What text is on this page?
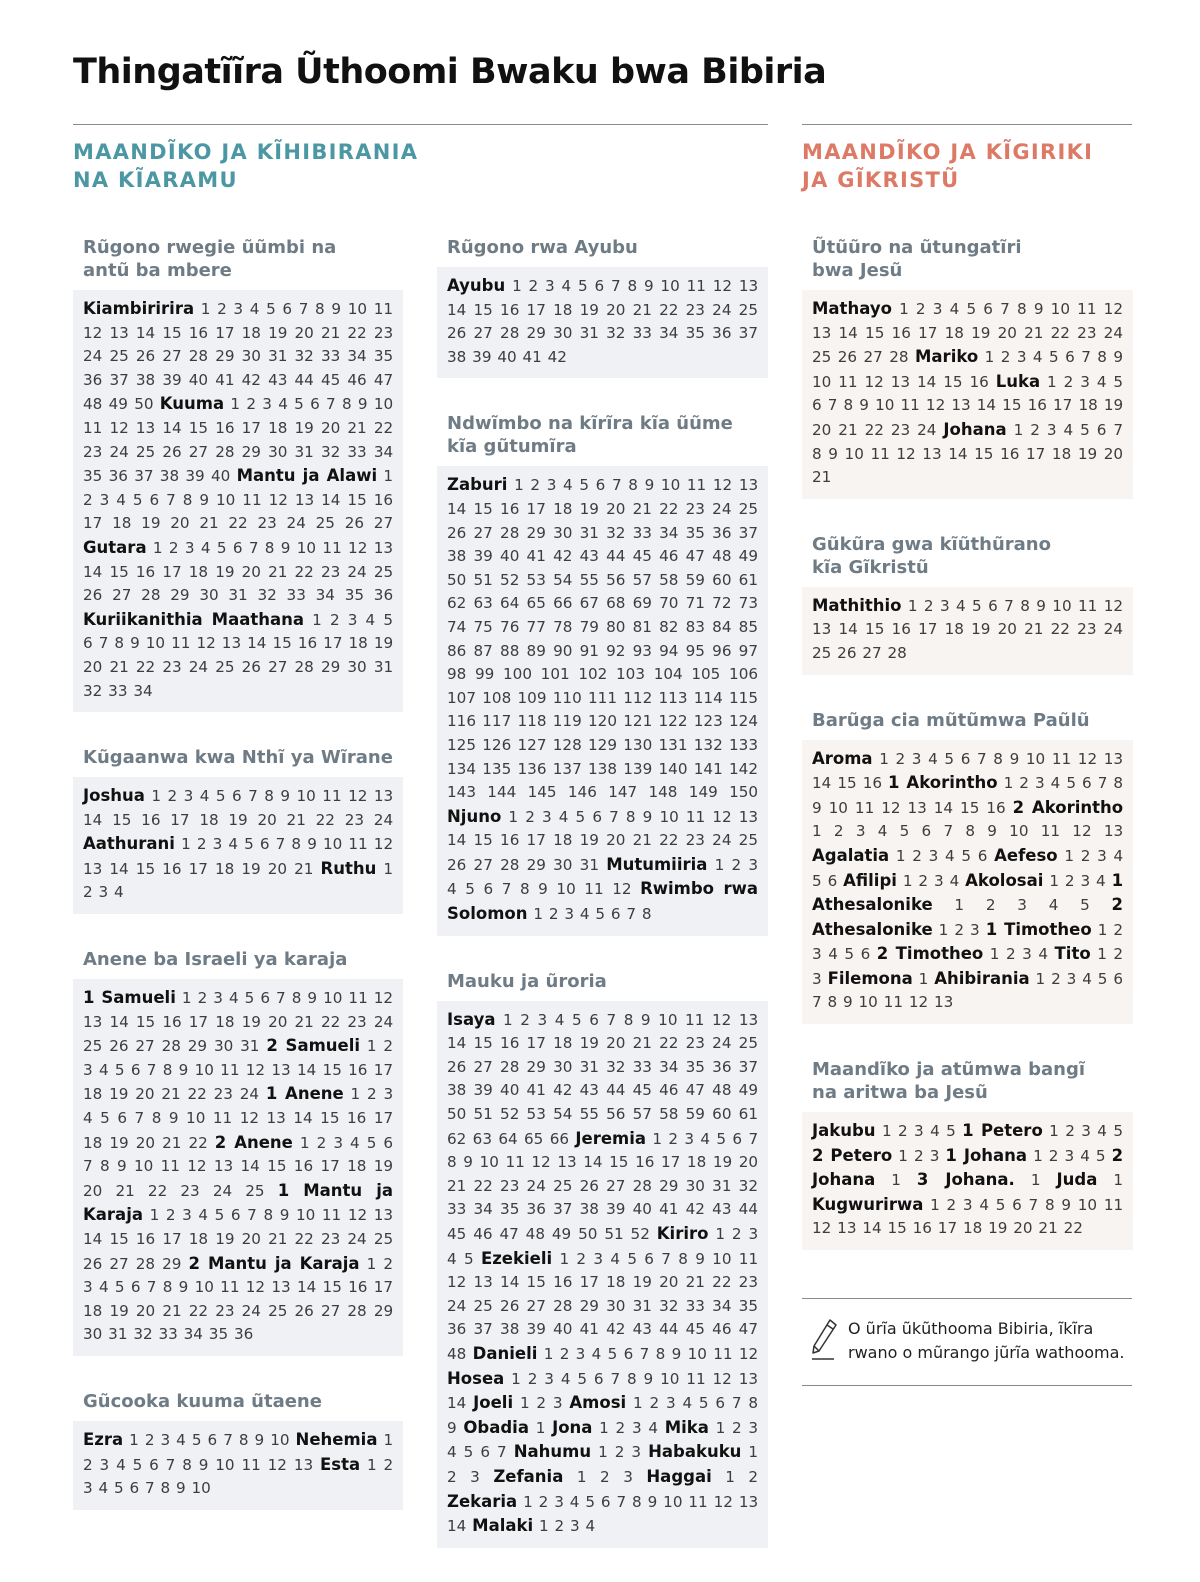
Thingatĩĩra Ũthoomi Bwaku bwa Bibiria
MAANDĨKO JA KĨHIBIRANIA
NA KĨARAMU
MAANDĨKO JA KĨGIRIKI
JA GĨKRISTŨ
Rũgono rwegie ũũmbi na
antũ ba mbere
Kiambiririra 1 2 3 4 5 6 7 8 9 10 11 12 13 14 15 16 17 18 19 20 21 22 23 24 25 26 27 28 29 30 31 32 33 34 35 36 37 38 39 40 41 42 43 44 45 46 47 48 49 50 Kuuma 1 2 3 4 5 6 7 8 9 10 11 12 13 14 15 16 17 18 19 20 21 22 23 24 25 26 27 28 29 30 31 32 33 34 35 36 37 38 39 40 Mantu ja Alawi 1 2 3 4 5 6 7 8 9 10 11 12 13 14 15 16 17 18 19 20 21 22 23 24 25 26 27 Gutara 1 2 3 4 5 6 7 8 9 10 11 12 13 14 15 16 17 18 19 20 21 22 23 24 25 26 27 28 29 30 31 32 33 34 35 36 Kuriikanithia Maathana 1 2 3 4 5 6 7 8 9 10 11 12 13 14 15 16 17 18 19 20 21 22 23 24 25 26 27 28 29 30 31 32 33 34
Kũgaanwa kwa Nthĩ ya Wĩrane
Joshua 1 2 3 4 5 6 7 8 9 10 11 12 13 14 15 16 17 18 19 20 21 22 23 24 Aathurani 1 2 3 4 5 6 7 8 9 10 11 12 13 14 15 16 17 18 19 20 21 Ruthu 1 2 3 4
Anene ba Israeli ya karaja
1 Samueli 1 2 3 4 5 6 7 8 9 10 11 12 13 14 15 16 17 18 19 20 21 22 23 24 25 26 27 28 29 30 31 2 Samueli 1 2 3 4 5 6 7 8 9 10 11 12 13 14 15 16 17 18 19 20 21 22 23 24 1 Anene 1 2 3 4 5 6 7 8 9 10 11 12 13 14 15 16 17 18 19 20 21 22 2 Anene 1 2 3 4 5 6 7 8 9 10 11 12 13 14 15 16 17 18 19 20 21 22 23 24 25 1 Mantu ja Karaja 1 2 3 4 5 6 7 8 9 10 11 12 13 14 15 16 17 18 19 20 21 22 23 24 25 26 27 28 29 2 Mantu ja Karaja 1 2 3 4 5 6 7 8 9 10 11 12 13 14 15 16 17 18 19 20 21 22 23 24 25 26 27 28 29 30 31 32 33 34 35 36
Gũcooka kuuma ũtaene
Ezra 1 2 3 4 5 6 7 8 9 10 Nehemia 1 2 3 4 5 6 7 8 9 10 11 12 13 Esta 1 2 3 4 5 6 7 8 9 10
Rũgono rwa Ayubu
Ayubu 1 2 3 4 5 6 7 8 9 10 11 12 13 14 15 16 17 18 19 20 21 22 23 24 25 26 27 28 29 30 31 32 33 34 35 36 37 38 39 40 41 42
Ndwĩmbo na kĩrĩra kĩa ũũme
kĩa gũtumĩra
Zaburi 1 2 3 4 5 6 7 8 9 10 11 12 13 14 15 16 17 18 19 20 21 22 23 24 25 26 27 28 29 30 31 32 33 34 35 36 37 38 39 40 41 42 43 44 45 46 47 48 49 50 51 52 53 54 55 56 57 58 59 60 61 62 63 64 65 66 67 68 69 70 71 72 73 74 75 76 77 78 79 80 81 82 83 84 85 86 87 88 89 90 91 92 93 94 95 96 97 98 99 100 101 102 103 104 105 106 107 108 109 110 111 112 113 114 115 116 117 118 119 120 121 122 123 124 125 126 127 128 129 130 131 132 133 134 135 136 137 138 139 140 141 142 143 144 145 146 147 148 149 150 Njuno 1 2 3 4 5 6 7 8 9 10 11 12 13 14 15 16 17 18 19 20 21 22 23 24 25 26 27 28 29 30 31 Mutumiiria 1 2 3 4 5 6 7 8 9 10 11 12 Rwimbo rwa Solomon 1 2 3 4 5 6 7 8
Mauku ja ũroria
Isaya 1 2 3 4 5 6 7 8 9 10 11 12 13 14 15 16 17 18 19 20 21 22 23 24 25 26 27 28 29 30 31 32 33 34 35 36 37 38 39 40 41 42 43 44 45 46 47 48 49 50 51 52 53 54 55 56 57 58 59 60 61 62 63 64 65 66 Jeremia 1 2 3 4 5 6 7 8 9 10 11 12 13 14 15 16 17 18 19 20 21 22 23 24 25 26 27 28 29 30 31 32 33 34 35 36 37 38 39 40 41 42 43 44 45 46 47 48 49 50 51 52 Kiriro 1 2 3 4 5 Ezekieli 1 2 3 4 5 6 7 8 9 10 11 12 13 14 15 16 17 18 19 20 21 22 23 24 25 26 27 28 29 30 31 32 33 34 35 36 37 38 39 40 41 42 43 44 45 46 47 48 Danieli 1 2 3 4 5 6 7 8 9 10 11 12 Hosea 1 2 3 4 5 6 7 8 9 10 11 12 13 14 Joeli 1 2 3 Amosi 1 2 3 4 5 6 7 8 9 Obadia 1 Jona 1 2 3 4 Mika 1 2 3 4 5 6 7 Nahumu 1 2 3 Habakuku 1 2 3 Zefania 1 2 3 Haggai 1 2 Zekaria 1 2 3 4 5 6 7 8 9 10 11 12 13 14 Malaki 1 2 3 4
Ũtũũro na ũtungatĩri
bwa Jesũ
Mathayo 1 2 3 4 5 6 7 8 9 10 11 12 13 14 15 16 17 18 19 20 21 22 23 24 25 26 27 28 Mariko 1 2 3 4 5 6 7 8 9 10 11 12 13 14 15 16 Luka 1 2 3 4 5 6 7 8 9 10 11 12 13 14 15 16 17 18 19 20 21 22 23 24 Johana 1 2 3 4 5 6 7 8 9 10 11 12 13 14 15 16 17 18 19 20 21
Gũkũra gwa kĩũthũrano
kĩa Gĩkristũ
Mathithio 1 2 3 4 5 6 7 8 9 10 11 12 13 14 15 16 17 18 19 20 21 22 23 24 25 26 27 28
Barũga cia mũtũmwa Paũlũ
Aroma 1 2 3 4 5 6 7 8 9 10 11 12 13 14 15 16 1 Akorintho 1 2 3 4 5 6 7 8 9 10 11 12 13 14 15 16 2 Akorintho 1 2 3 4 5 6 7 8 9 10 11 12 13 Agalatia 1 2 3 4 5 6 Aefeso 1 2 3 4 5 6 Afilipi 1 2 3 4 Akolosai 1 2 3 4 1 Athesalonike 1 2 3 4 5 2 Athesalonike 1 2 3 1 Timotheo 1 2 3 4 5 6 2 Timotheo 1 2 3 4 Tito 1 2 3 Filemona 1 Ahibirania 1 2 3 4 5 6 7 8 9 10 11 12 13
Maandĩko ja atũmwa bangĩ
na aritwa ba Jesũ
Jakubu 1 2 3 4 5 1 Petero 1 2 3 4 5 2 Petero 1 2 3 1 Johana 1 2 3 4 5 2 Johana 1 3 Johana. 1 Juda 1 Kugwurirwa 1 2 3 4 5 6 7 8 9 10 11 12 13 14 15 16 17 18 19 20 21 22

O ũrĩa ũkũthooma Bibiria, ĩkĩra
rwano o mũrango jũrĩa wathooma.
